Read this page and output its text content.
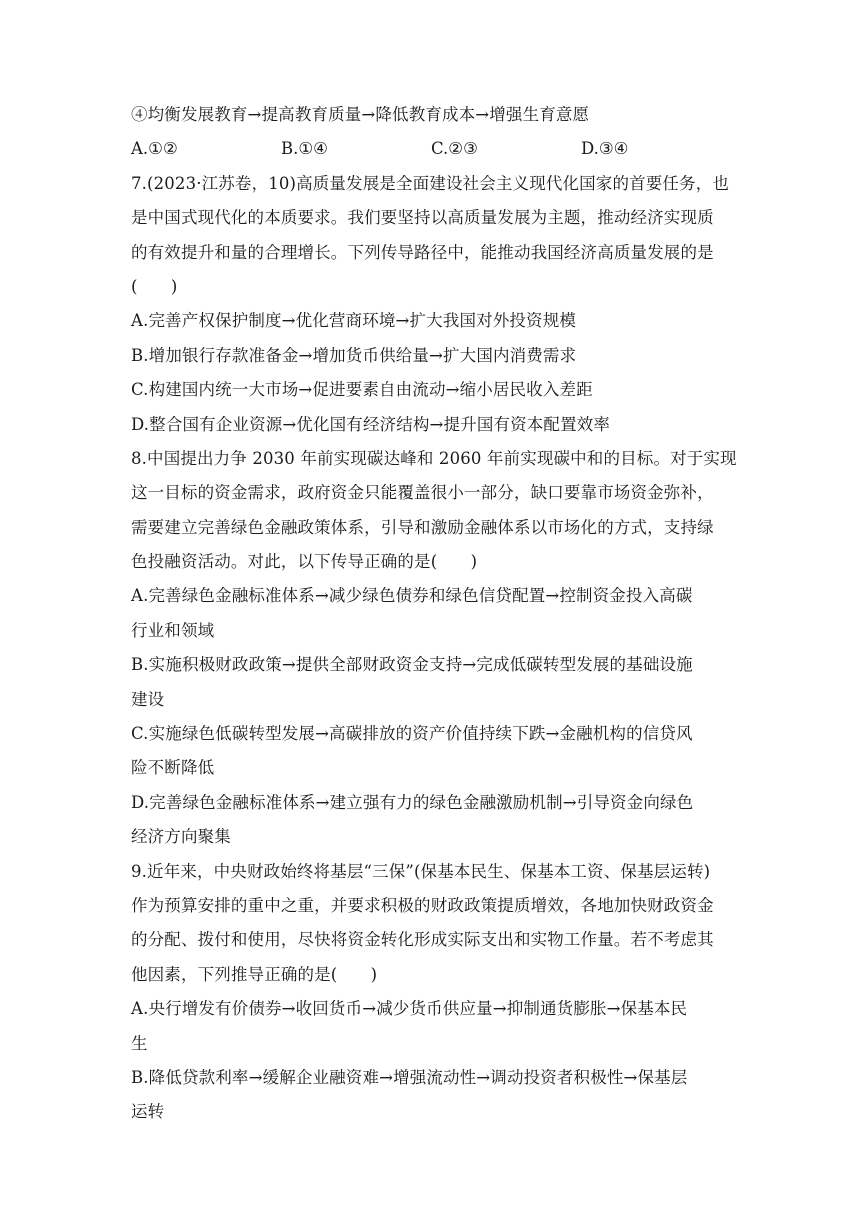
④均衡发展教育→提高教育质量→降低教育成本→增强生育意愿

A.①②	B.①④	C.②③	D.③④

7.(2023·江苏卷，10)高质量发展是全面建设社会主义现代化国家的首要任务，也

是中国式现代化的本质要求。我们要坚持以高质量发展为主题，推动经济实现质

的有效提升和量的合理增长。下列传导路径中，能推动我国经济高质量发展的是

(　　)

A.完善产权保护制度→优化营商环境→扩大我国对外投资规模

B.增加银行存款准备金→增加货币供给量→扩大国内消费需求

C.构建国内统一大市场→促进要素自由流动→缩小居民收入差距

D.整合国有企业资源→优化国有经济结构→提升国有资本配置效率

8.中国提出力争 2030 年前实现碳达峰和 2060 年前实现碳中和的目标。对于实现

这一目标的资金需求，政府资金只能覆盖很小一部分，缺口要靠市场资金弥补，

需要建立完善绿色金融政策体系，引导和激励金融体系以市场化的方式，支持绿

色投融资活动。对此，以下传导正确的是(　　)

A.完善绿色金融标准体系→减少绿色债券和绿色信贷配置→控制资金投入高碳

行业和领域

B.实施积极财政政策→提供全部财政资金支持→完成低碳转型发展的基础设施

建设

C.实施绿色低碳转型发展→高碳排放的资产价值持续下跌→金融机构的信贷风

险不断降低

D.完善绿色金融标准体系→建立强有力的绿色金融激励机制→引导资金向绿色

经济方向聚集

9.近年来，中央财政始终将基层“三保”(保基本民生、保基本工资、保基层运转)

作为预算安排的重中之重，并要求积极的财政政策提质增效，各地加快财政资金

的分配、拨付和使用，尽快将资金转化形成实际支出和实物工作量。若不考虑其

他因素，下列推导正确的是(　　)

A.央行增发有价债券→收回货币→减少货币供应量→抑制通货膨胀→保基本民

生

B.降低贷款利率→缓解企业融资难→增强流动性→调动投资者积极性→保基层

运转
